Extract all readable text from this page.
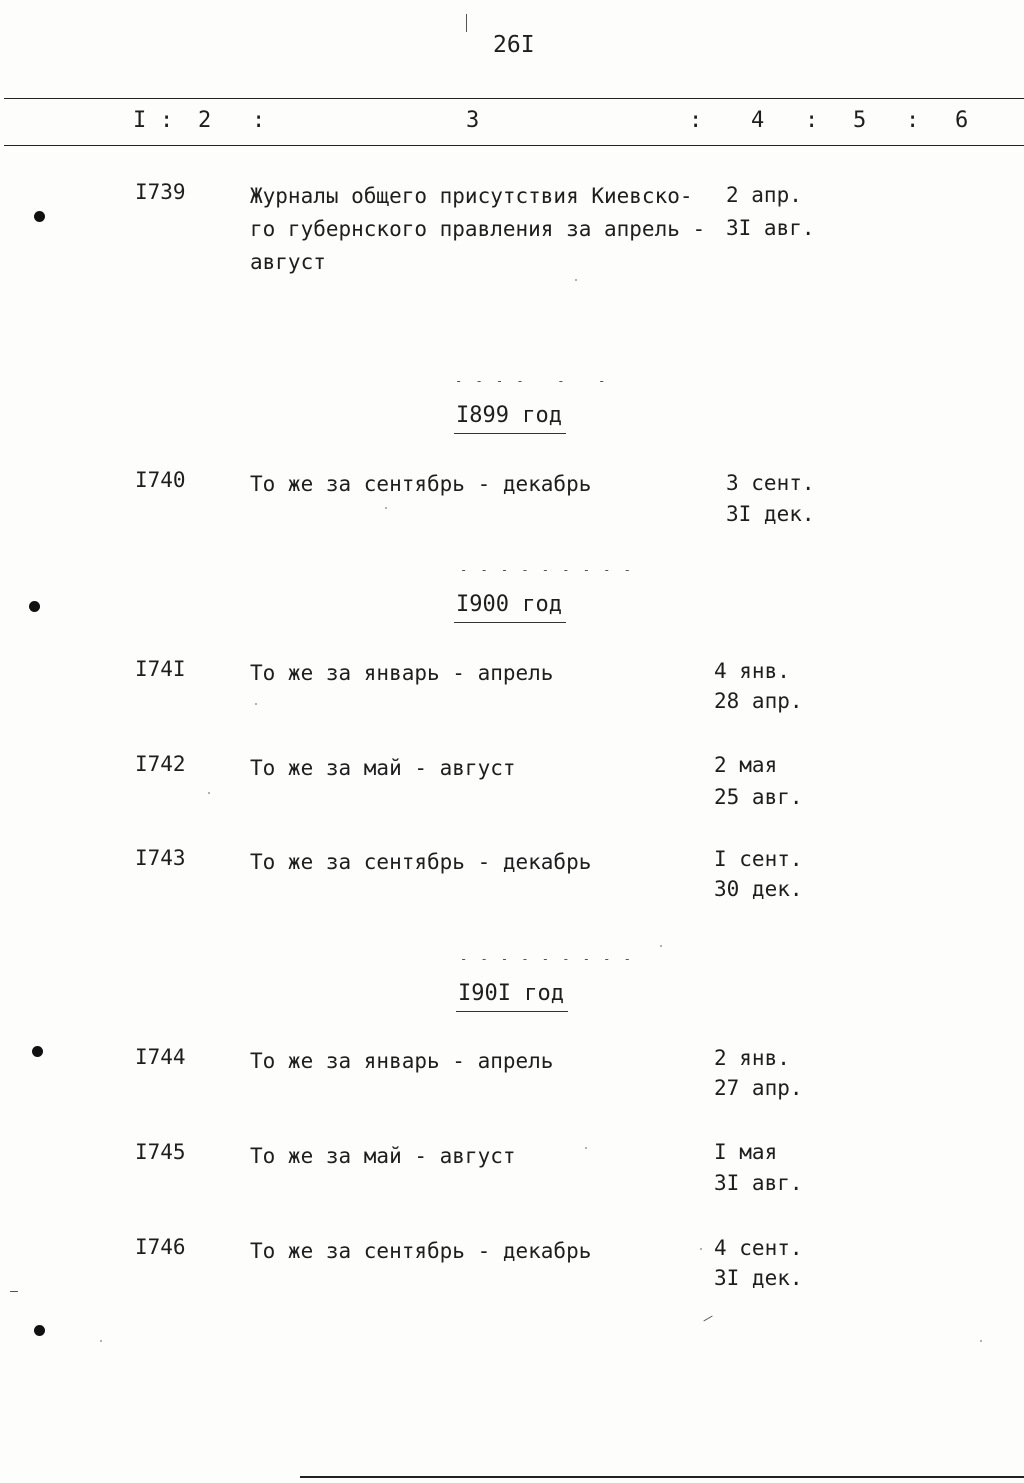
26I
I : 2 :	3	: 4 : 5 : 6
I739	Журналы общего присутствия Киевско-
го губернского правления за апрель -
август
2 апр.
3I авг.
- - - -   -   -
I899 год
I740	То же за сентябрь - декабрь	3 сент.
3I дек.
- - - - - - - - -
I900 год
I74I	То же за январь - апрель	4 янв.
28 апр.
I742	То же за май - август	2 мая
25 авг.
I743	То же за сентябрь - декабрь	I сент.
30 дек.
- - - - - - - - -
I90I год
I744	То же за январь - апрель	2 янв.
27 апр.
I745	То же за май - август	I мая
3I авг.
I746	То же за сентябрь - декабрь	4 сент.
3I дек.
